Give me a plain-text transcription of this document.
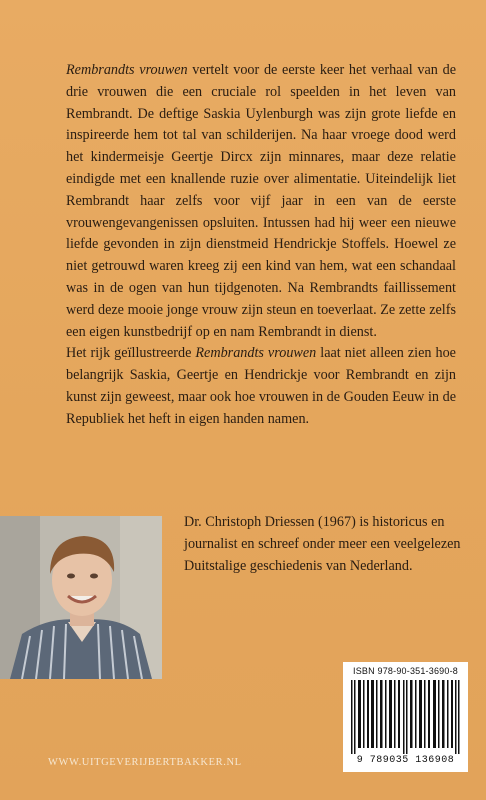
Rembrandts vrouwen vertelt voor de eerste keer het verhaal van de drie vrouwen die een cruciale rol speelden in het leven van Rembrandt. De deftige Saskia Uylenburgh was zijn grote liefde en inspireerde hem tot tal van schilderijen. Na haar vroege dood werd het kindermeisje Geertje Dircx zijn minnares, maar deze relatie eindigde met een knallende ruzie over alimentatie. Uiteindelijk liet Rembrandt haar zelfs voor vijf jaar in een van de eerste vrouwengevangenissen opsluiten. Intussen had hij weer een nieuwe liefde gevonden in zijn dienstmeid Hendrickje Stoffels. Hoewel ze niet getrouwd waren kreeg zij een kind van hem, wat een schandaal was in de ogen van hun tijdgenoten. Na Rembrandts faillissement werd deze mooie jonge vrouw zijn steun en toeverlaat. Ze zette zelfs een eigen kunstbedrijf op en nam Rembrandt in dienst.

Het rijk geïllustreerde Rembrandts vrouwen laat niet alleen zien hoe belangrijk Saskia, Geertje en Hendrickje voor Rembrandt en zijn kunst zijn geweest, maar ook hoe vrouwen in de Gouden Eeuw in de Republiek het heft in eigen handen namen.

Dr. Christoph Driessen (1967) is historicus en journalist en schreef onder meer een veelgelezen Duitstalige geschiedenis van Nederland.
ISBN 978-90-351-3690-8
9 789035 136908
WWW.UITGEVERIJBERTBAKKER.NL
